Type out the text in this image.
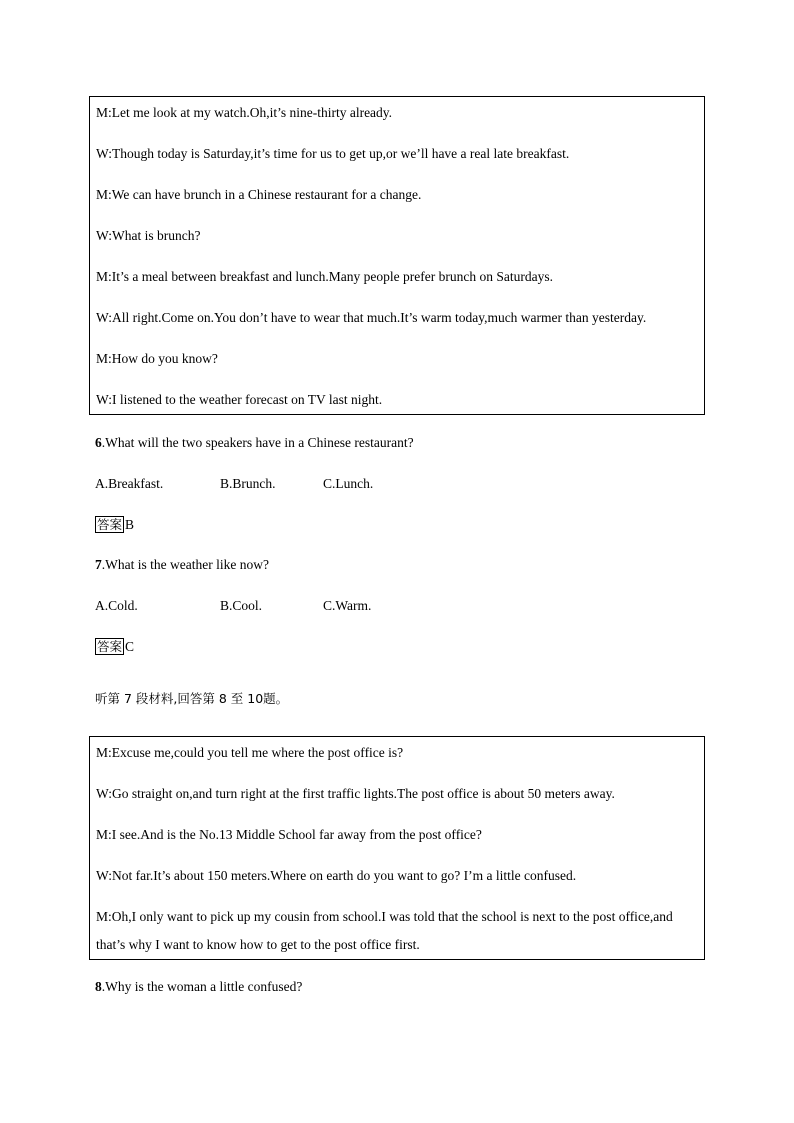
M:Let me look at my watch.Oh,it’s nine-thirty already.
W:Though today is Saturday,it’s time for us to get up,or we’ll have a real late breakfast.
M:We can have brunch in a Chinese restaurant for a change.
W:What is brunch?
M:It’s a meal between breakfast and lunch.Many people prefer brunch on Saturdays.
W:All right.Come on.You don’t have to wear that much.It’s warm today,much warmer than yesterday.
M:How do you know?
W:I listened to the weather forecast on TV last night.
6.What will the two speakers have in a Chinese restaurant?
A.Breakfast.	B.Brunch.	C.Lunch.
答案 B
7.What is the weather like now?
A.Cold.	B.Cool.	C.Warm.
答案 C
听第 7 段材料,回答第 8 至 10题。
M:Excuse me,could you tell me where the post office is?
W:Go straight on,and turn right at the first traffic lights.The post office is about 50 meters away.
M:I see.And is the No.13 Middle School far away from the post office?
W:Not far.It’s about 150 meters.Where on earth do you want to go? I’m a little confused.
M:Oh,I only want to pick up my cousin from school.I was told that the school is next to the post office,and
that’s why I want to know how to get to the post office first.
8.Why is the woman a little confused?
